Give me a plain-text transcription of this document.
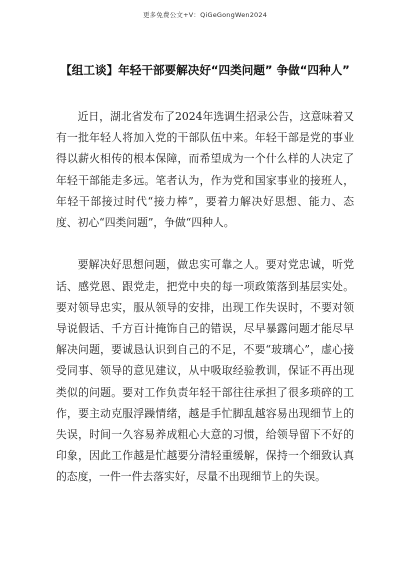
更多免费公文+V：QiGeGongWen2024
【组工谈】年轻干部要解决好“四类问题” 争做“四种人”

近日，湖北省发布了2024年选调生招录公告，这意味着又有一批年轻人将加入党的干部队伍中来。年轻干部是党的事业得以薪火相传的根本保障，而希望成为一个什么样的人决定了年轻干部能走多远。笔者认为，作为党和国家事业的接班人，年轻干部接过时代“接力棒”，要着力解决好思想、能力、态度、初心“四类问题”，争做“四种人。

要解决好思想问题，做忠实可靠之人。要对党忠诚，听党话、感党恩、跟党走，把党中央的每一项政策落到基层实处。要对领导忠实，服从领导的安排，出现工作失误时，不要对领导说假话、千方百计掩饰自己的错误，尽早暴露问题才能尽早解决问题，要诚恳认识到自己的不足，不要“玻璃心”，虚心接受同事、领导的意见建议，从中吸取经验教训，保证不再出现类似的问题。要对工作负责年轻干部往往承担了很多琐碎的工作，要主动克服浮躁情绪，越是手忙脚乱越容易出现细节上的失误，时间一久容易养成粗心大意的习惯，给领导留下不好的印象，因此工作越是忙越要分清轻重缓解，保持一个细致认真的态度，一件一件去落实好，尽量不出现细节上的失误。
